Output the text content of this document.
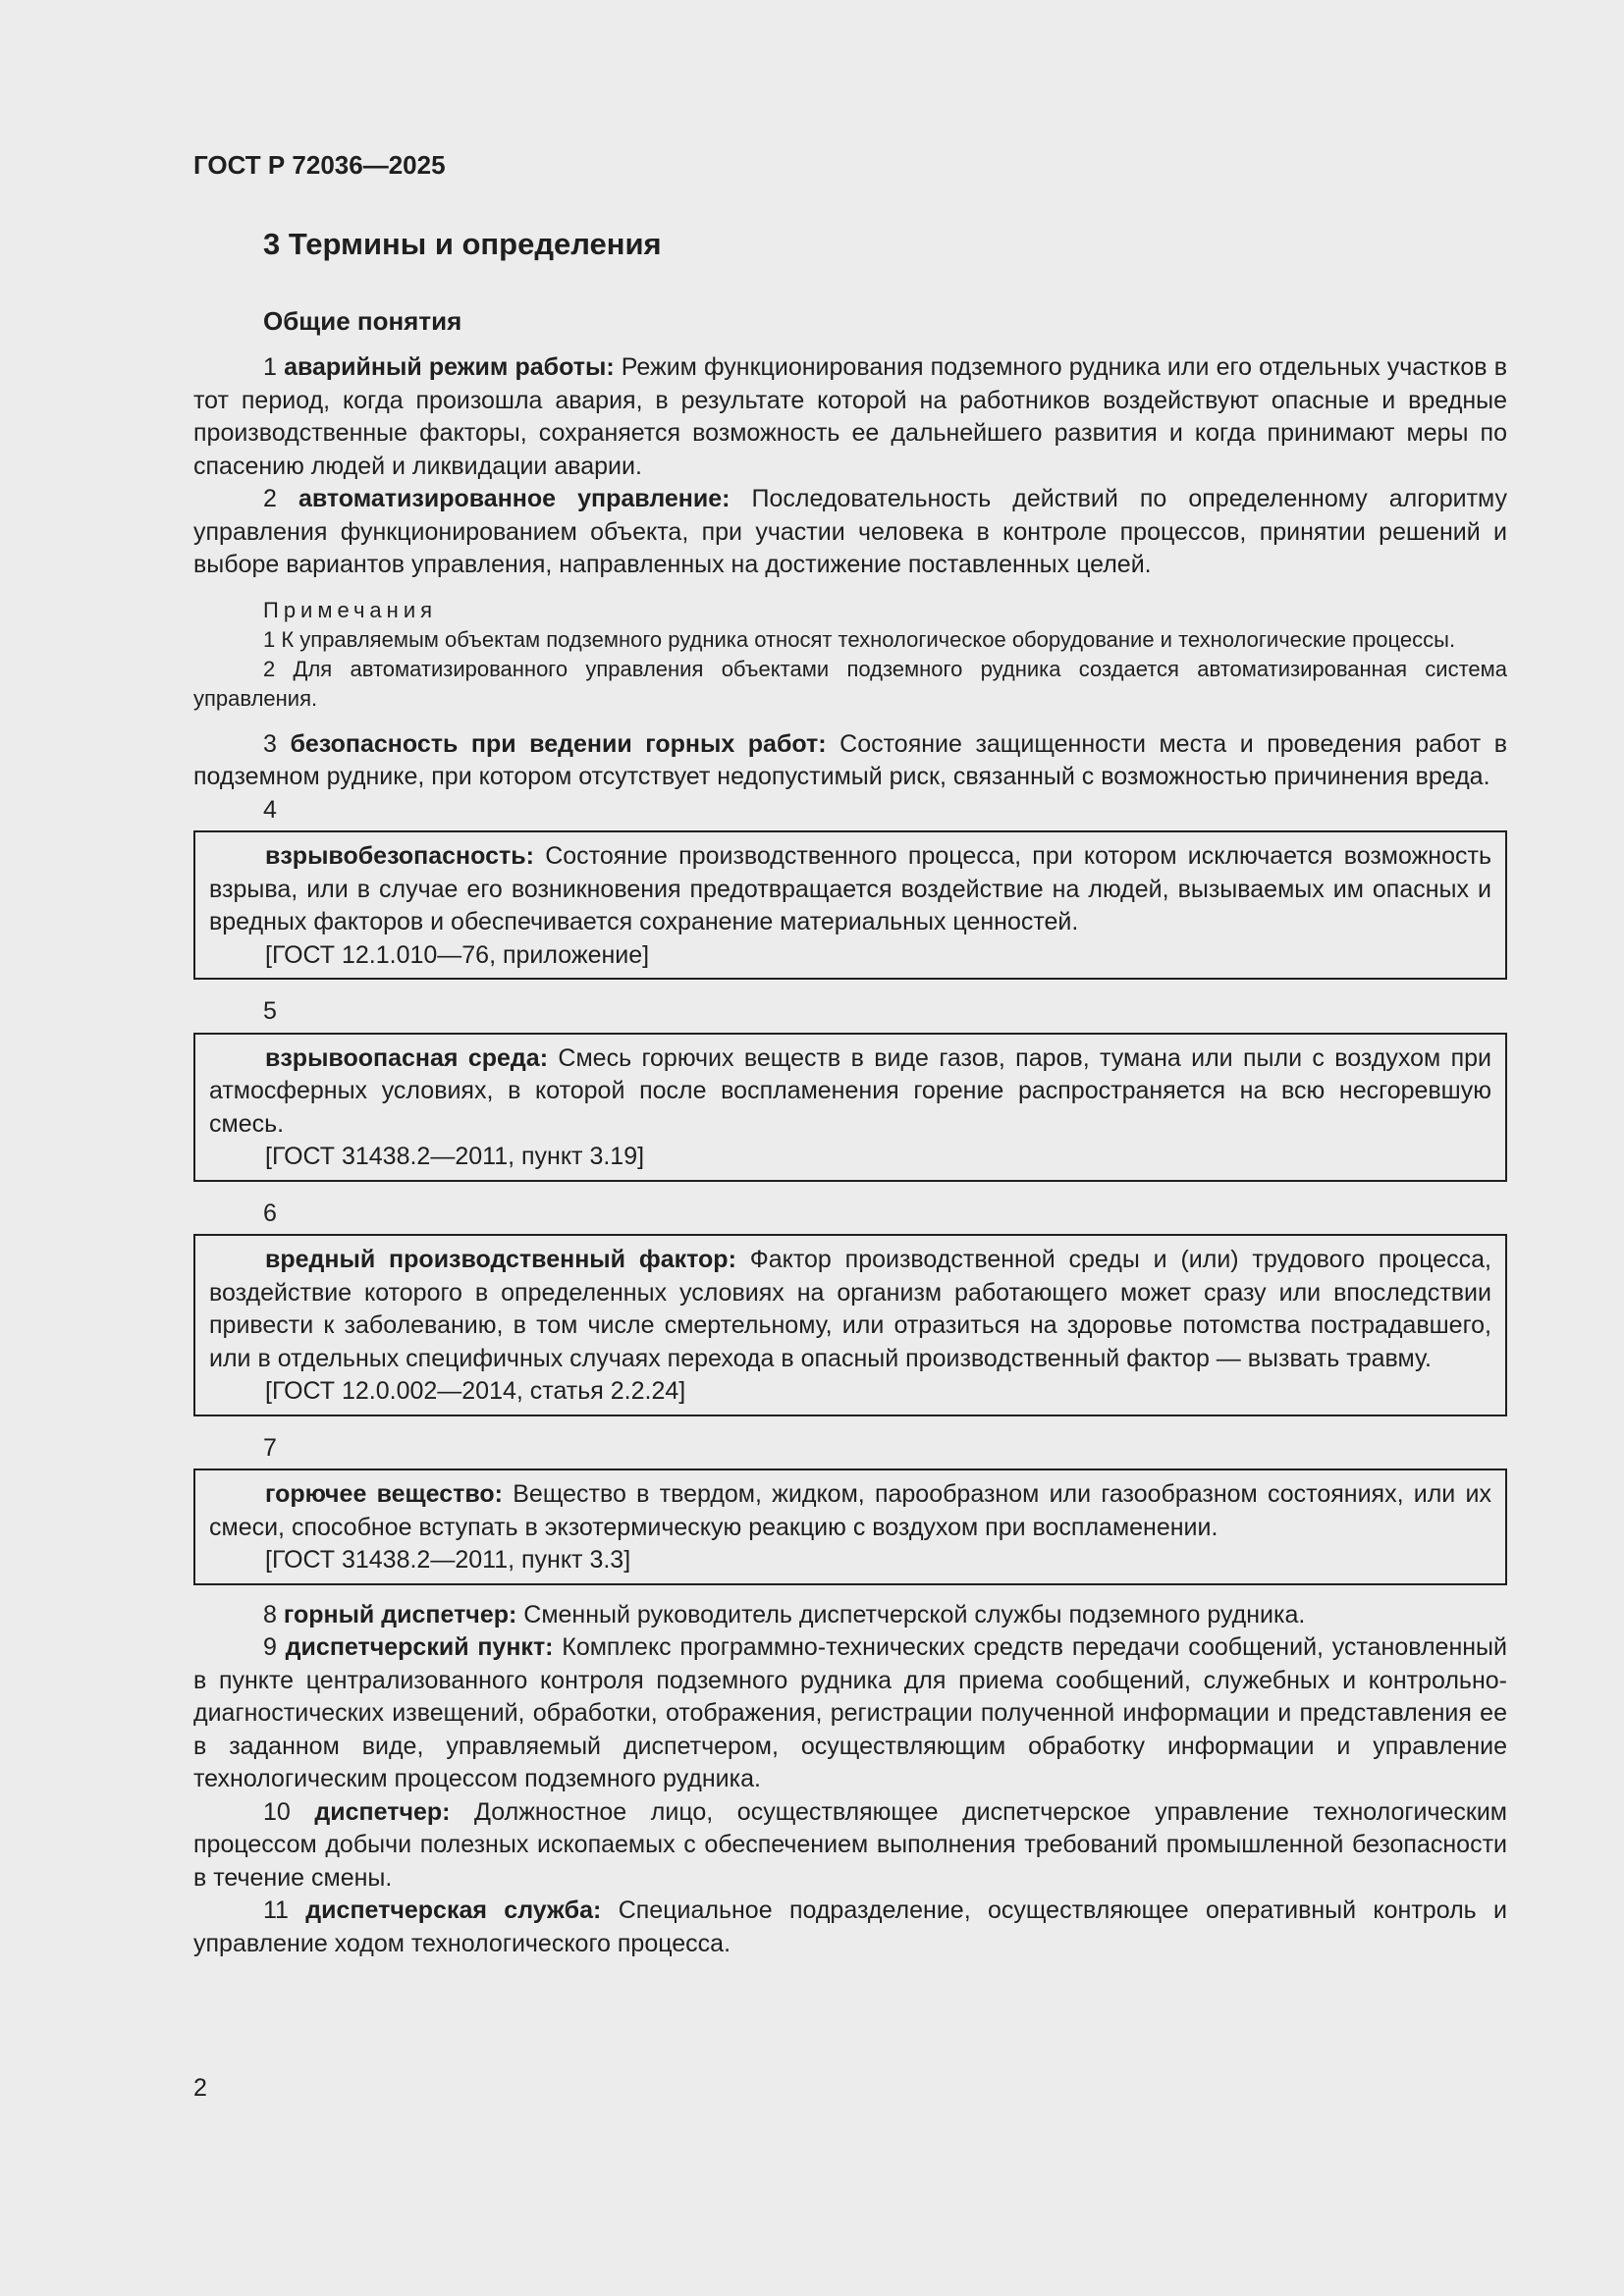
ГОСТ Р 72036—2025

3 Термины и определения
Общие понятия

1 аварийный режим работы: Режим функционирования подземного рудника или его отдельных участков в тот период, когда произошла авария, в результате которой на работников воздействуют опасные и вредные производственные факторы, сохраняется возможность ее дальнейшего развития и когда принимают меры по спасению людей и ликвидации аварии.

2 автоматизированное управление: Последовательность действий по определенному алгоритму управления функционированием объекта, при участии человека в контроле процессов, принятии решений и выборе вариантов управления, направленных на достижение поставленных целей.

Примечания

1 К управляемым объектам подземного рудника относят технологическое оборудование и технологические процессы.

2 Для автоматизированного управления объектами подземного рудника создается автоматизированная система управления.

3 безопасность при ведении горных работ: Состояние защищенности места и проведения работ в подземном руднике, при котором отсутствует недопустимый риск, связанный с возможностью причинения вреда.

4

взрывобезопасность: Состояние производственного процесса, при котором исключается возможность взрыва, или в случае его возникновения предотвращается воздействие на людей, вызываемых им опасных и вредных факторов и обеспечивается сохранение материальных ценностей.

[ГОСТ 12.1.010—76, приложение]

5

взрывоопасная среда: Смесь горючих веществ в виде газов, паров, тумана или пыли с воздухом при атмосферных условиях, в которой после воспламенения горение распространяется на всю несгоревшую смесь.

[ГОСТ 31438.2—2011, пункт 3.19]

6

вредный производственный фактор: Фактор производственной среды и (или) трудового процесса, воздействие которого в определенных условиях на организм работающего может сразу или впоследствии привести к заболеванию, в том числе смертельному, или отразиться на здоровье потомства пострадавшего, или в отдельных специфичных случаях перехода в опасный производственный фактор — вызвать травму.

[ГОСТ 12.0.002—2014, статья 2.2.24]

7

горючее вещество: Вещество в твердом, жидком, парообразном или газообразном состояниях, или их смеси, способное вступать в экзотермическую реакцию с воздухом при воспламенении.

[ГОСТ 31438.2—2011, пункт 3.3]

8 горный диспетчер: Сменный руководитель диспетчерской службы подземного рудника.

9 диспетчерский пункт: Комплекс программно-технических средств передачи сообщений, установленный в пункте централизованного контроля подземного рудника для приема сообщений, служебных и контрольно-диагностических извещений, обработки, отображения, регистрации полученной информации и представления ее в заданном виде, управляемый диспетчером, осуществляющим обработку информации и управление технологическим процессом подземного рудника.

10 диспетчер: Должностное лицо, осуществляющее диспетчерское управление технологическим процессом добычи полезных ископаемых с обеспечением выполнения требований промышленной безопасности в течение смены.

11 диспетчерская служба: Специальное подразделение, осуществляющее оперативный контроль и управление ходом технологического процесса.

2
